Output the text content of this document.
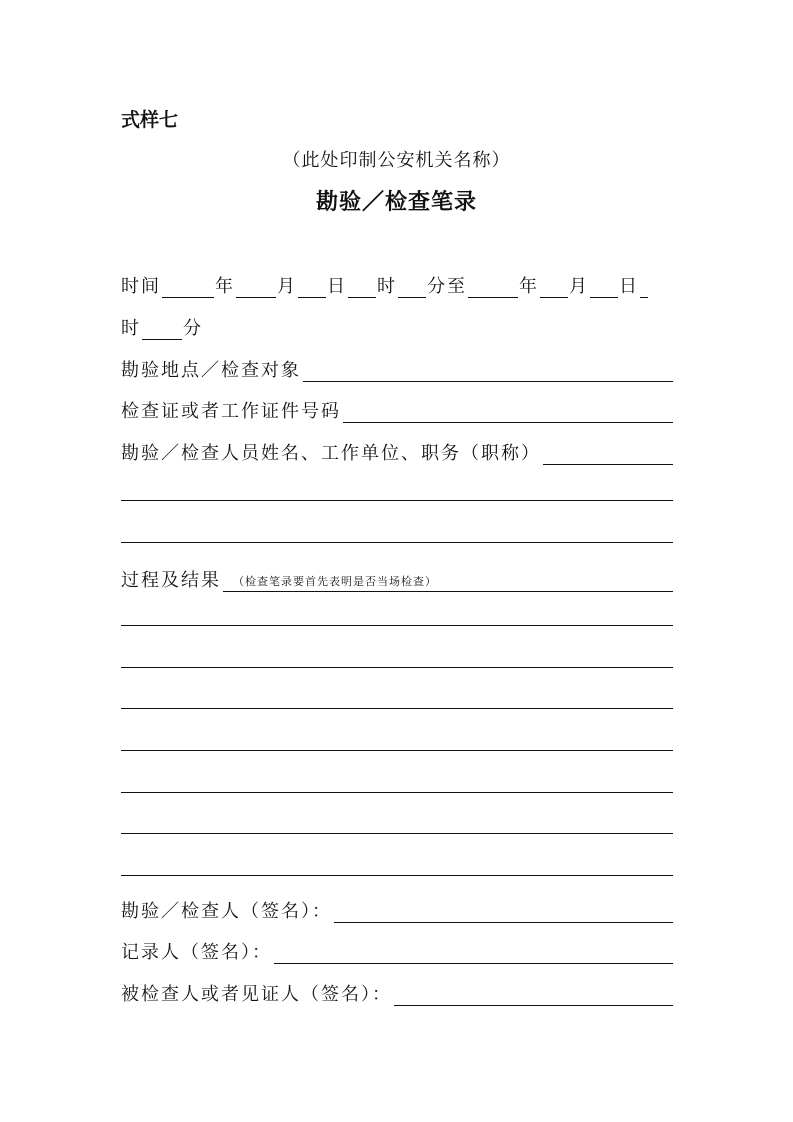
式样七
（此处印制公安机关名称）
勘验／检查笔录
时间	年 月 日 时 分 至	年 月 日
时 分
勘验地点／检查对象
检查证或者工作证件号码
勘验／检查人员姓名、工作单位、职务（职称）
过程及结果 （检查笔录要首先表明是否当场检查）
勘验／检查人（签名）：
记录人（签名）：
被检查人或者见证人（签名）：
